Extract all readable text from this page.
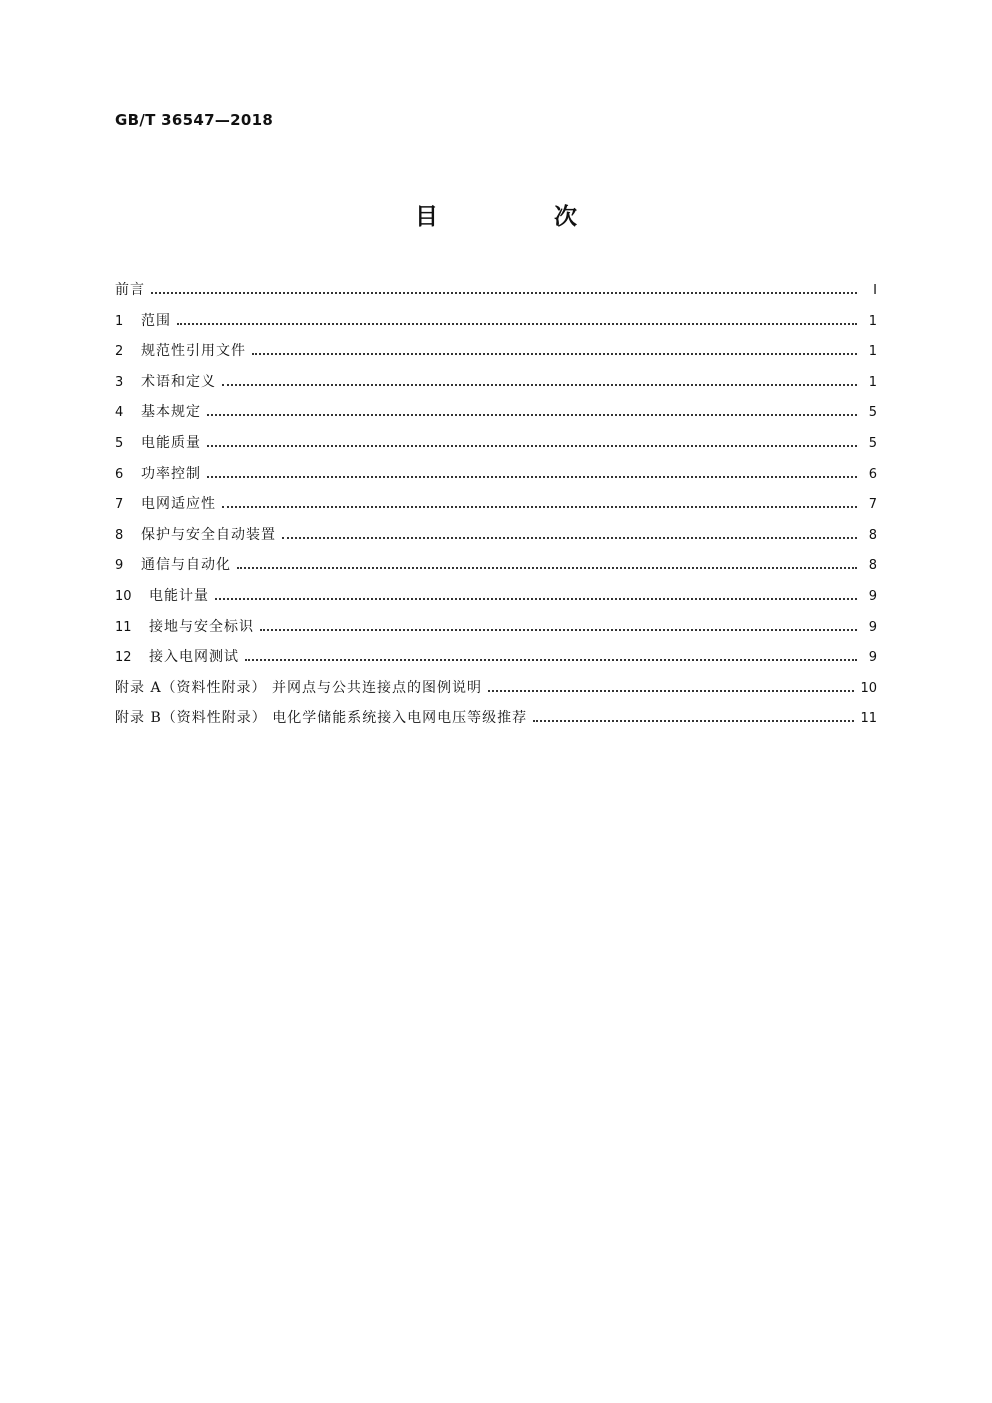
GB/T 36547—2018
目 次
前言	Ⅰ
1	范围	1
2	规范性引用文件	1
3	术语和定义	1
4	基本规定	5
5	电能质量	5
6	功率控制	6
7	电网适应性	7
8	保护与安全自动装置	8
9	通信与自动化	8
10	电能计量	9
11	接地与安全标识	9
12	接入电网测试	9
附录 A（资料性附录） 并网点与公共连接点的图例说明	10
附录 B（资料性附录） 电化学储能系统接入电网电压等级推荐	11
